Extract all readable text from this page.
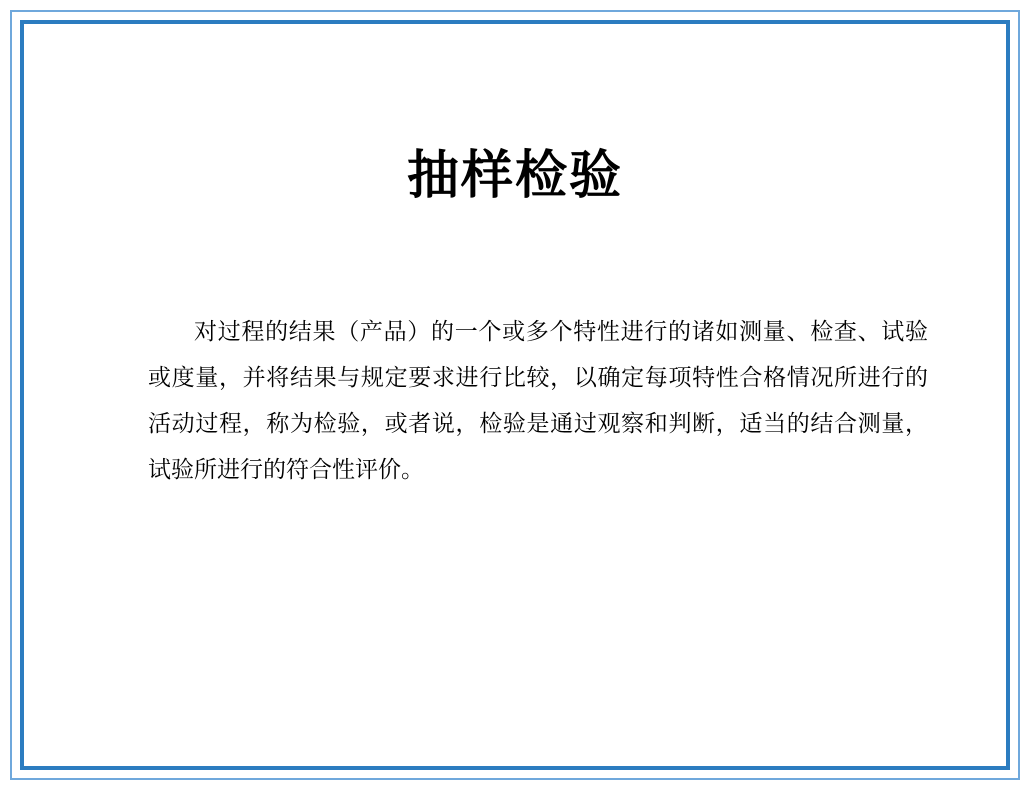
抽样检验

对过程的结果（产品）的一个或多个特性进行的诸如测量、检查、试验或度量，并将结果与规定要求进行比较，以确定每项特性合格情况所进行的活动过程，称为检验，或者说，检验是通过观察和判断，适当的结合测量，试验所进行的符合性评价。
